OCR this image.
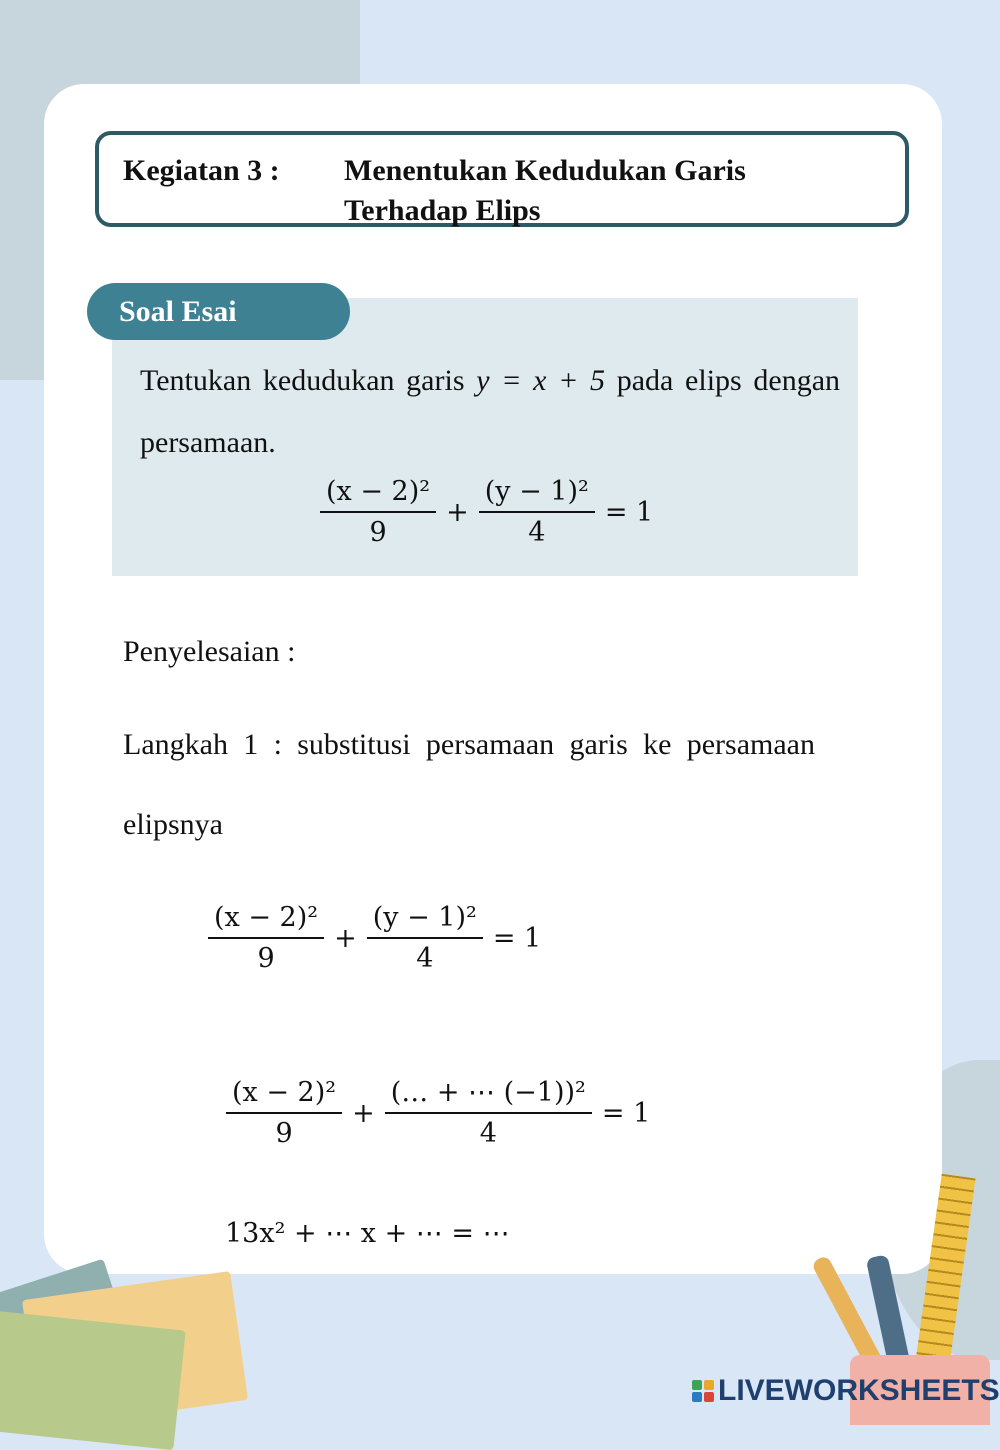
Kegiatan 3 : Menentukan Kedudukan Garis Terhadap Elips
Soal Esai
Tentukan kedudukan garis y = x + 5 pada elips dengan persamaan.
$\frac{\text{(x − 2)²}}{9} + \frac{\text{(y − 1)²}}{4} = 1$
Penyelesaian :
Langkah 1 : substitusi persamaan garis ke persamaan elipsnya
$\frac{\text{(x − 2)²}}{9} + \frac{\text{(y − 1)²}}{4} = 1$
$\frac{\text{(x − 2)²}}{9} + \frac{\text{(… + ⋯ (−1))²}}{4} = 1$
13x² + ⋯ x + ⋯ = ⋯
LIVEWORKSHEETS
